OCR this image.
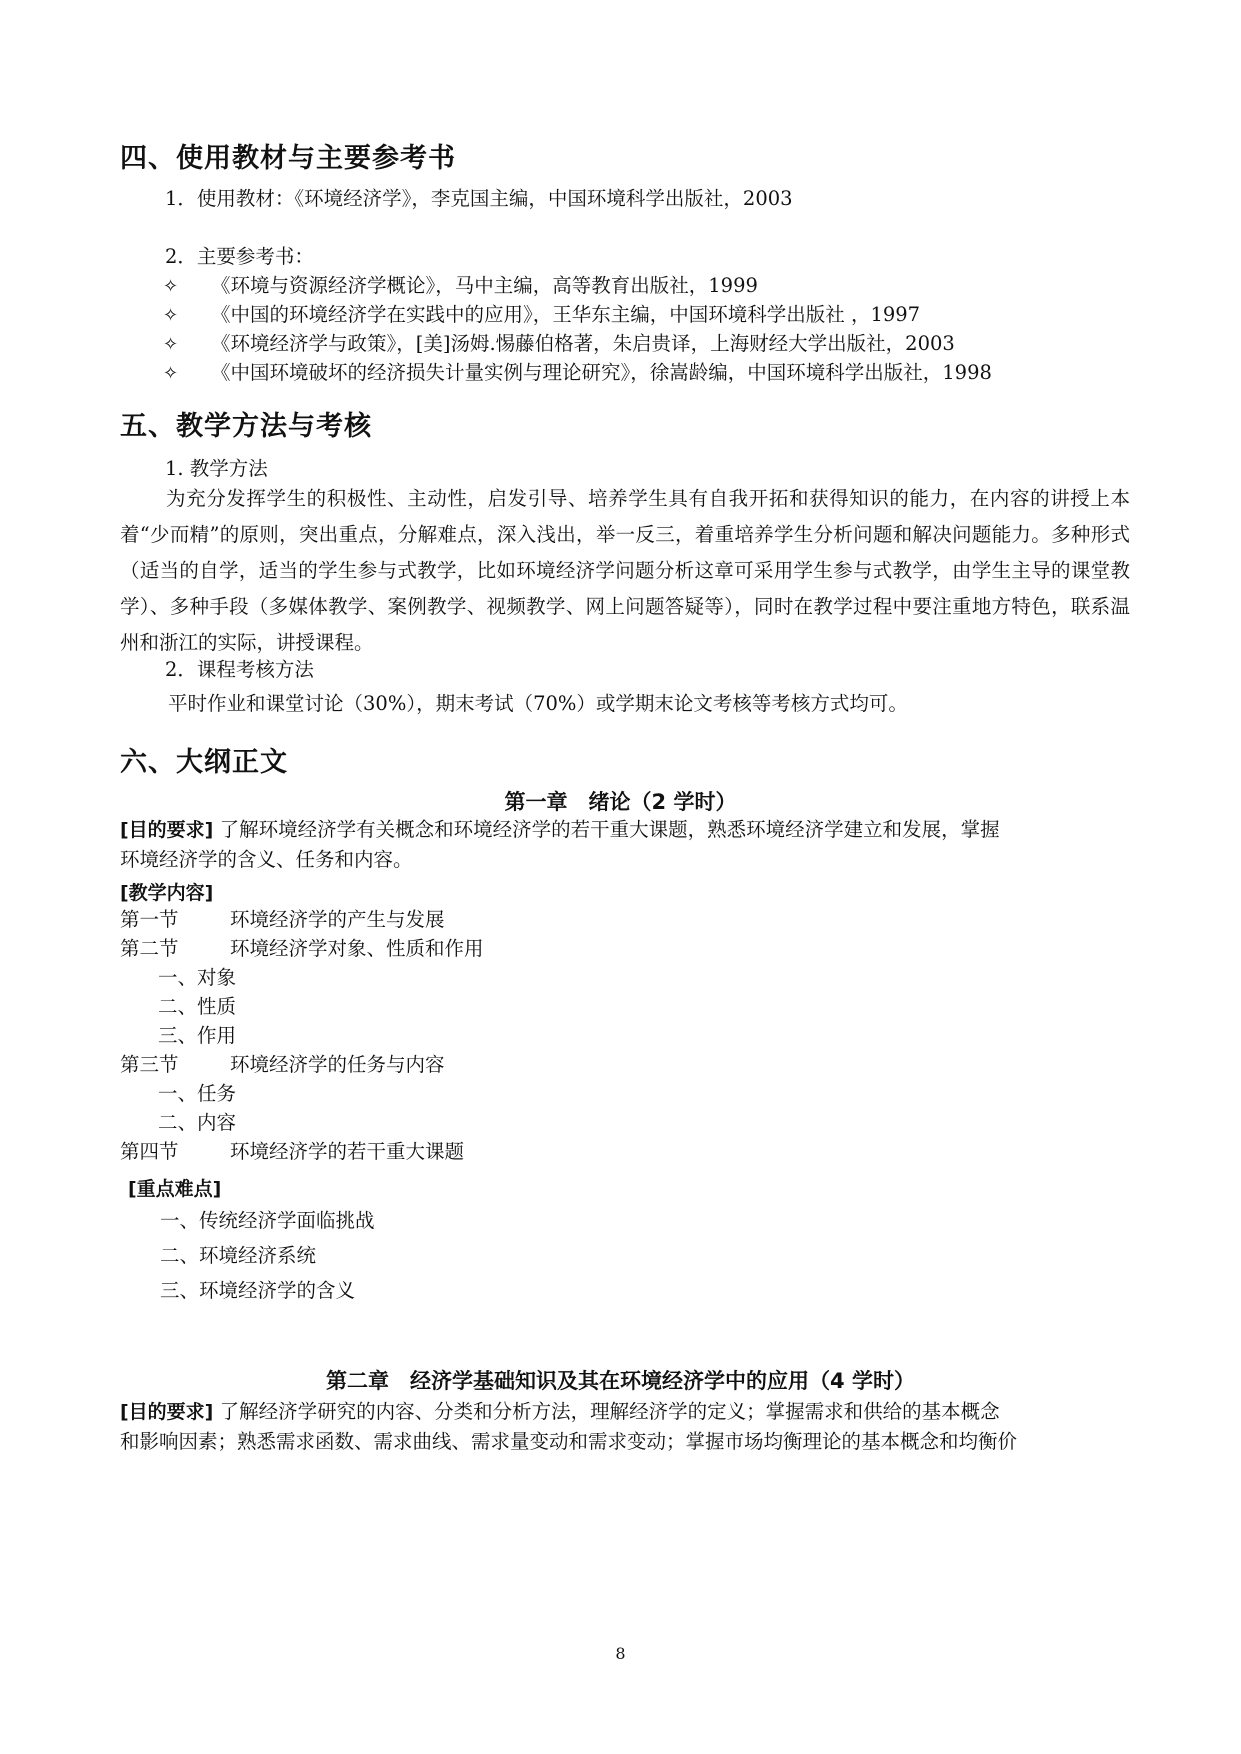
四、使用教材与主要参考书
1．使用教材：《环境经济学》，李克国主编，中国环境科学出版社，2003
2．主要参考书：
✧ 《环境与资源经济学概论》，马中主编，高等教育出版社，1999
✧ 《中国的环境经济学在实践中的应用》，王华东主编，中国环境科学出版社 ，1997
✧ 《环境经济学与政策》，[美]汤姆.惕藤伯格著，朱启贵译，上海财经大学出版社，2003
✧ 《中国环境破坏的经济损失计量实例与理论研究》，徐嵩龄编，中国环境科学出版社，1998
五、教学方法与考核
1. 教学方法
为充分发挥学生的积极性、主动性，启发引导、培养学生具有自我开拓和获得知识的能力，在内容的讲授上本着“少而精”的原则，突出重点，分解难点，深入浅出，举一反三，着重培养学生分析问题和解决问题能力。多种形式（适当的自学，适当的学生参与式教学，比如环境经济学问题分析这章可采用学生参与式教学，由学生主导的课堂教学）、多种手段（多媒体教学、案例教学、视频教学、网上问题答疑等），同时在教学过程中要注重地方特色，联系温州和浙江的实际，讲授课程。
2．课程考核方法
平时作业和课堂讨论（30%），期末考试（70%）或学期末论文考核等考核方式均可。
六、大纲正文
第一章　绪论（2 学时）
[目的要求] 了解环境经济学有关概念和环境经济学的若干重大课题，熟悉环境经济学建立和发展，掌握
环境经济学的含义、任务和内容。
[教学内容]
第一节	环境经济学的产生与发展
第二节	环境经济学对象、性质和作用
一、对象
二、性质
三、作用
第三节	环境经济学的任务与内容
一、任务
二、内容
第四节	环境经济学的若干重大课题
[重点难点]
一、传统经济学面临挑战
二、环境经济系统
三、环境经济学的含义
第二章　经济学基础知识及其在环境经济学中的应用（4 学时）
[目的要求] 了解经济学研究的内容、分类和分析方法，理解经济学的定义；掌握需求和供给的基本概念
和影响因素；熟悉需求函数、需求曲线、需求量变动和需求变动；掌握市场均衡理论的基本概念和均衡价
8
